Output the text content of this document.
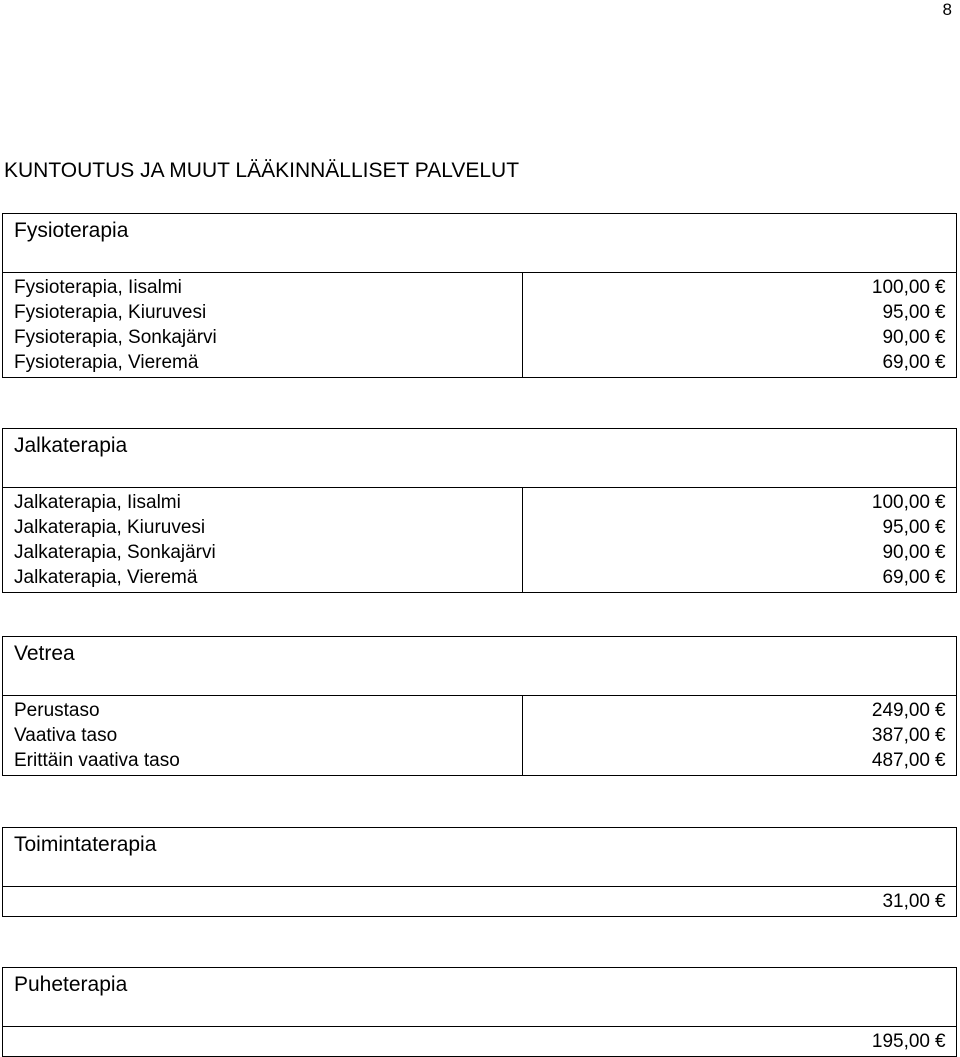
8
KUNTOUTUS JA MUUT LÄÄKINNÄLLISET PALVELUT
Fysioterapia
Fysioterapia, Iisalmi
Fysioterapia, Kiuruvesi
Fysioterapia, Sonkajärvi
Fysioterapia, Vieremä
100,00 €
95,00 €
90,00 €
69,00 €
Jalkaterapia
Jalkaterapia, Iisalmi
Jalkaterapia, Kiuruvesi
Jalkaterapia, Sonkajärvi
Jalkaterapia, Vieremä
100,00 €
95,00 €
90,00 €
69,00 €
Vetrea
Perustaso
Vaativa taso
Erittäin vaativa taso
249,00 €
387,00 €
487,00 €
Toimintaterapia
31,00 €
Puheterapia
195,00 €
